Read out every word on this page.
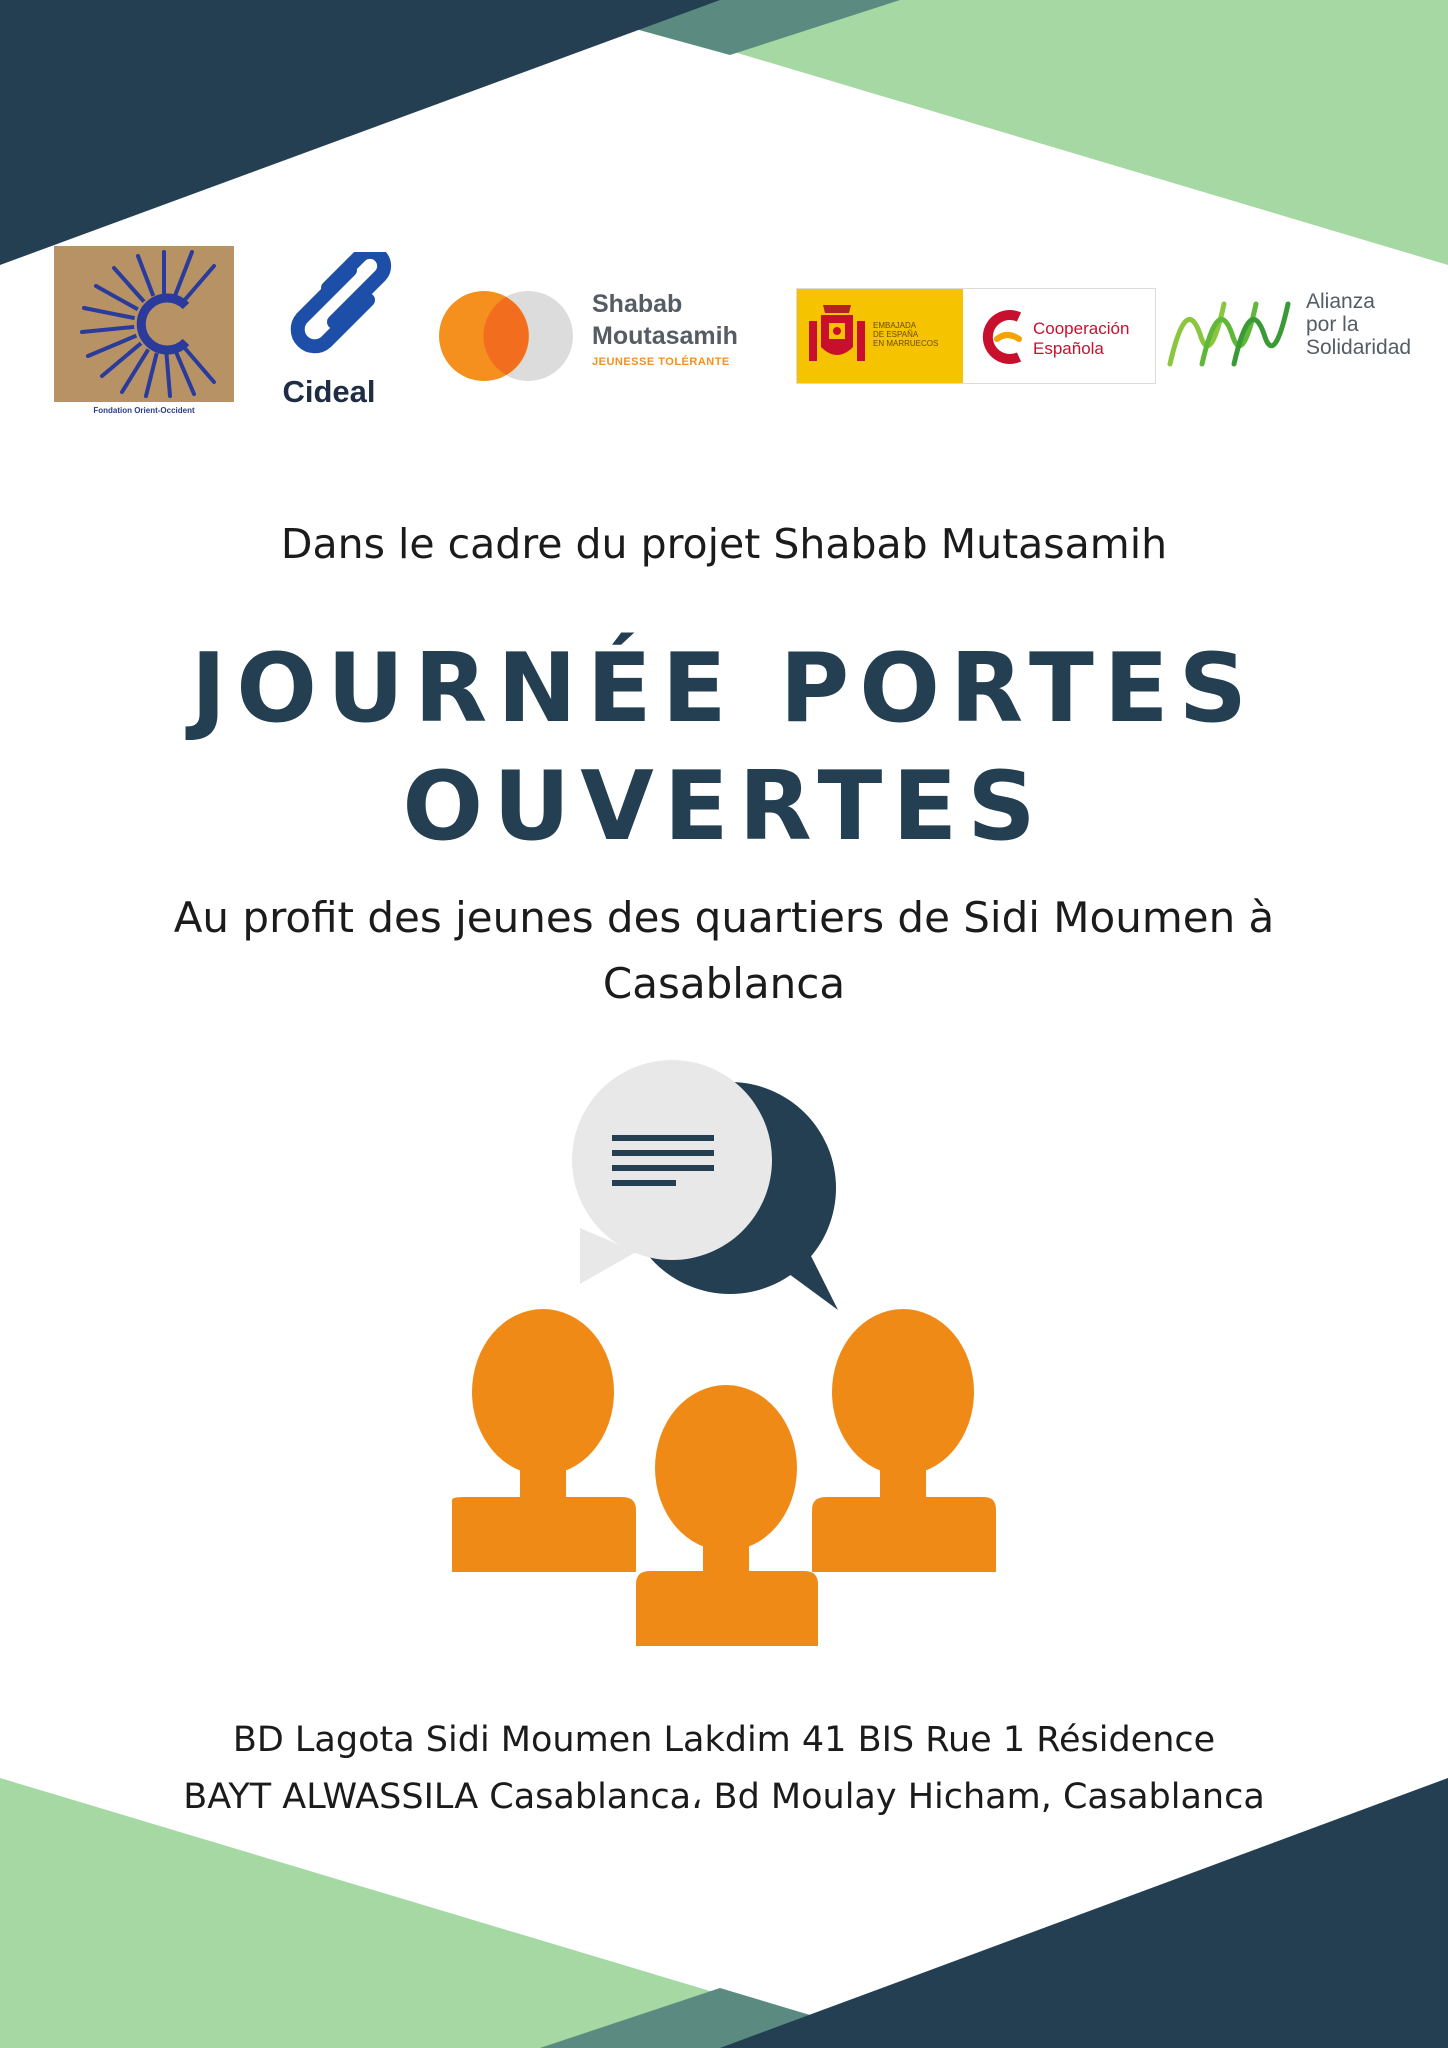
Fondation Orient-Occident
Cideal
Shabab
Moutasamih
JEUNESSE TOLÉRANTE
EMBAJADA
DE ESPAÑA
EN MARRUECOS
Cooperación
Española
Alianza
por la
Solidaridad

Dans le cadre du projet Shabab Mutasamih

JOURNÉE PORTES
OUVERTES

Au profit des jeunes des quartiers de Sidi Moumen à Casablanca

BD Lagota Sidi Moumen Lakdim 41 BIS Rue 1 Résidence
BAYT ALWASSILA Casablanca، Bd Moulay Hicham, Casablanca
